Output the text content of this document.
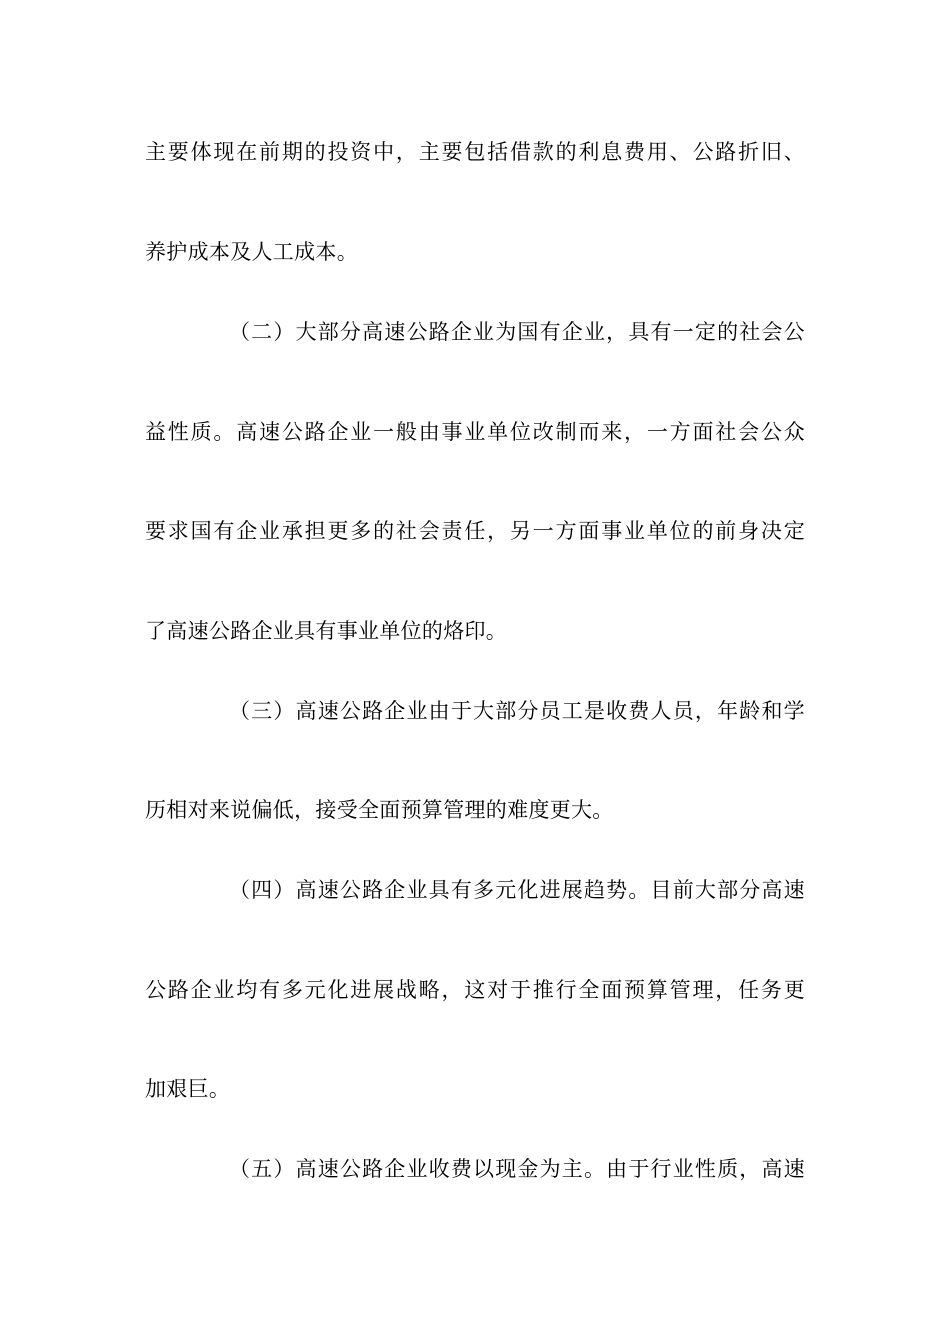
主要体现在前期的投资中，主要包括借款的利息费用、公路折旧、
养护成本及人工成本。
（二）大部分高速公路企业为国有企业，具有一定的社会公
益性质。高速公路企业一般由事业单位改制而来，一方面社会公众
要求国有企业承担更多的社会责任，另一方面事业单位的前身决定
了高速公路企业具有事业单位的烙印。
（三）高速公路企业由于大部分员工是收费人员，年龄和学
历相对来说偏低，接受全面预算管理的难度更大。
（四）高速公路企业具有多元化进展趋势。目前大部分高速
公路企业均有多元化进展战略，这对于推行全面预算管理，任务更
加艰巨。
（五）高速公路企业收费以现金为主。由于行业性质，高速
